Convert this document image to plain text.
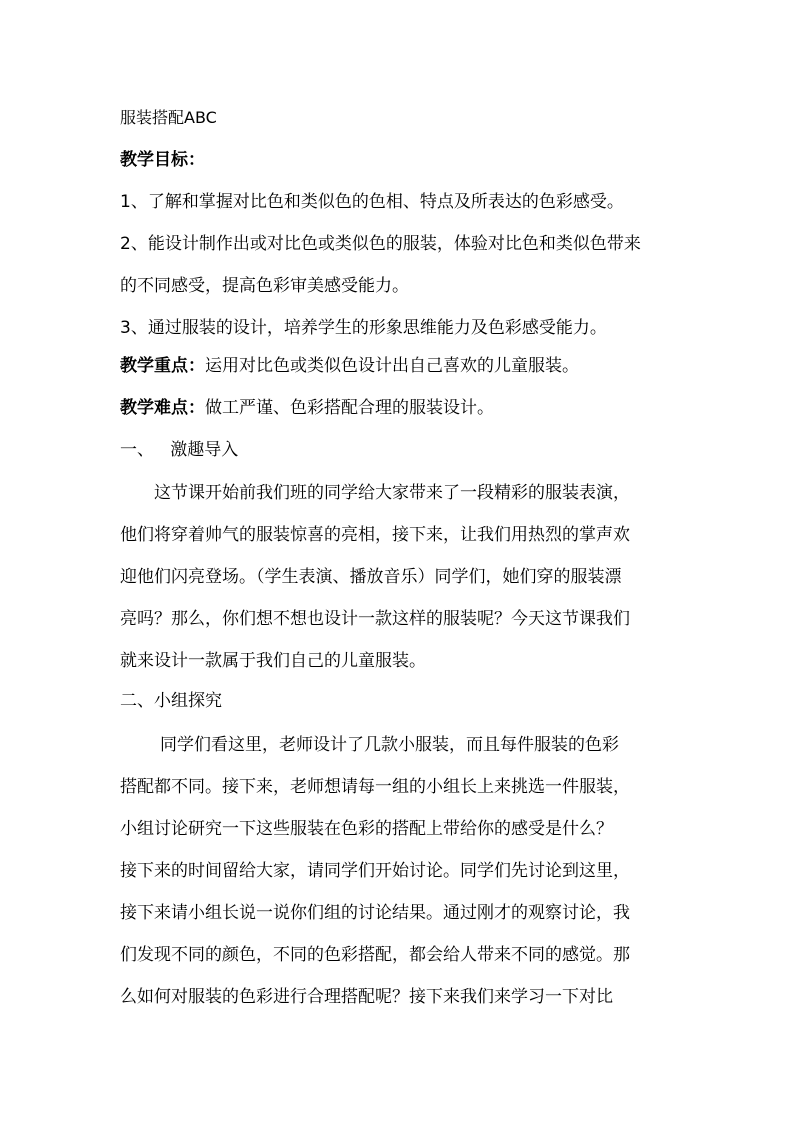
服装搭配ABC
教学目标：
1、了解和掌握对比色和类似色的色相、特点及所表达的色彩感受。
2、能设计制作出或对比色或类似色的服装，体验对比色和类似色带来
的不同感受，提高色彩审美感受能力。
3、通过服装的设计，培养学生的形象思维能力及色彩感受能力。
教学重点：运用对比色或类似色设计出自己喜欢的儿童服装。
教学难点：做工严谨、色彩搭配合理的服装设计。
一、   激趣导入
这节课开始前我们班的同学给大家带来了一段精彩的服装表演，
他们将穿着帅气的服装惊喜的亮相，接下来，让我们用热烈的掌声欢
迎他们闪亮登场。（学生表演、播放音乐）同学们，她们穿的服装漂
亮吗？那么，你们想不想也设计一款这样的服装呢？今天这节课我们
就来设计一款属于我们自己的儿童服装。
二、小组探究
同学们看这里，老师设计了几款小服装，而且每件服装的色彩
搭配都不同。接下来，老师想请每一组的小组长上来挑选一件服装，
小组讨论研究一下这些服装在色彩的搭配上带给你的感受是什么？
接下来的时间留给大家，请同学们开始讨论。同学们先讨论到这里，
接下来请小组长说一说你们组的讨论结果。通过刚才的观察讨论，我
们发现不同的颜色，不同的色彩搭配，都会给人带来不同的感觉。那
么如何对服装的色彩进行合理搭配呢？接下来我们来学习一下对比
